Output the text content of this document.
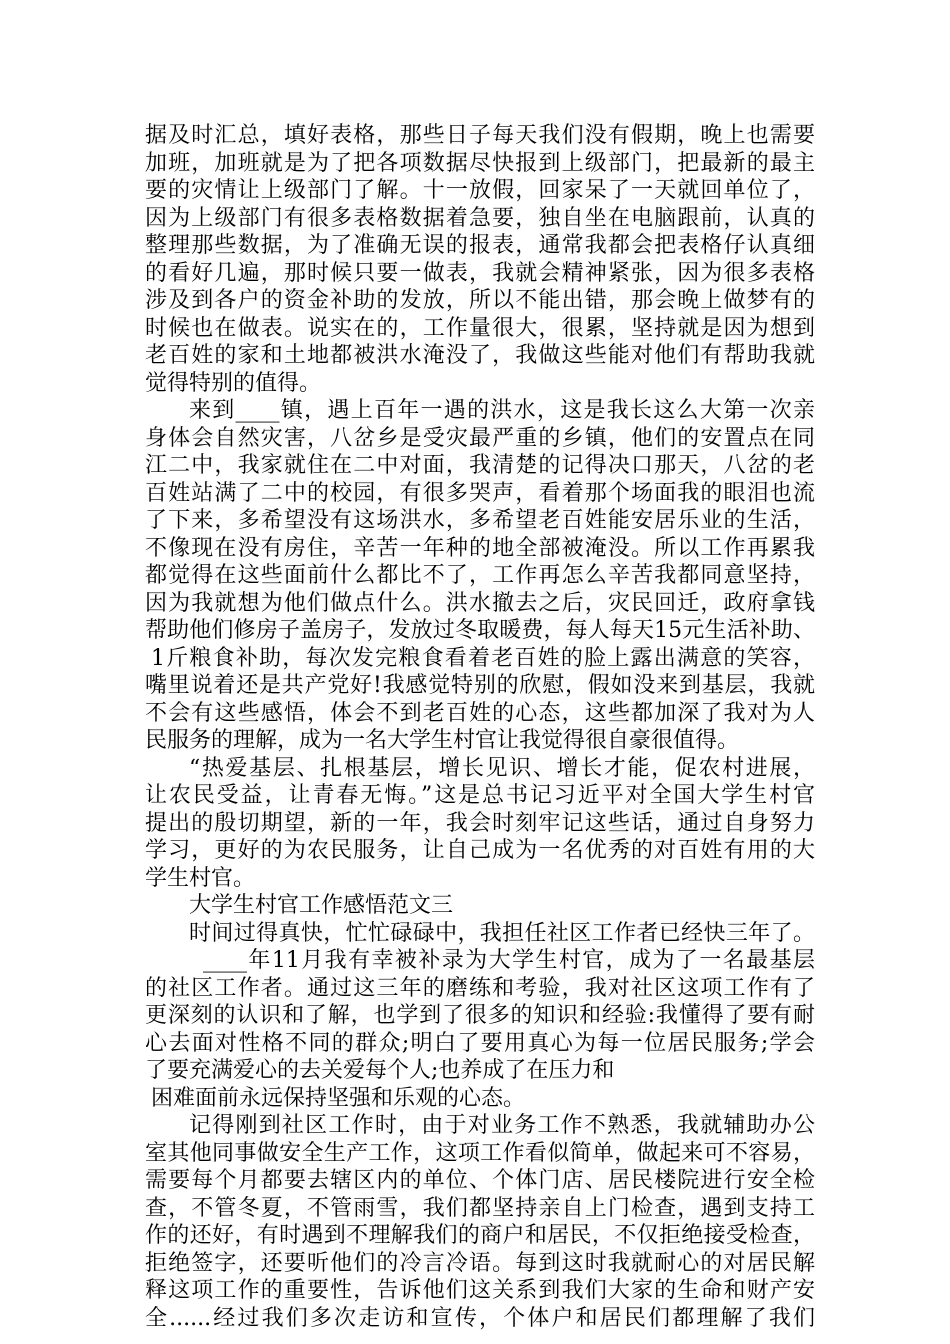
据及时汇总，填好表格，那些日子每天我们没有假期，晚上也需要
加班，加班就是为了把各项数据尽快报到上级部门，把最新的最主
要的灾情让上级部门了解。十一放假，回家呆了一天就回单位了，
因为上级部门有很多表格数据着急要，独自坐在电脑跟前，认真的
整理那些数据，为了准确无误的报表，通常我都会把表格仔认真细
的看好几遍，那时候只要一做表，我就会精神紧张，因为很多表格
涉及到各户的资金补助的发放，所以不能出错，那会晚上做梦有的
时候也在做表。说实在的，工作量很大，很累，坚持就是因为想到
老百姓的家和土地都被洪水淹没了，我做这些能对他们有帮助我就
觉得特别的值得。
来到____镇，遇上百年一遇的洪水，这是我长这么大第一次亲
身体会自然灾害，八岔乡是受灾最严重的乡镇，他们的安置点在同
江二中，我家就住在二中对面，我清楚的记得决口那天，八岔的老
百姓站满了二中的校园，有很多哭声，看着那个场面我的眼泪也流
了下来，多希望没有这场洪水，多希望老百姓能安居乐业的生活，
不像现在没有房住，辛苦一年种的地全部被淹没。所以工作再累我
都觉得在这些面前什么都比不了，工作再怎么辛苦我都同意坚持，
因为我就想为他们做点什么。洪水撤去之后，灾民回迁，政府拿钱
帮助他们修房子盖房子，发放过冬取暖费，每人每天15元生活补助、
1斤粮食补助，每次发完粮食看着老百姓的脸上露出满意的笑容，
嘴里说着还是共产党好!我感觉特别的欣慰，假如没来到基层，我就
不会有这些感悟，体会不到老百姓的心态，这些都加深了我对为人
民服务的理解，成为一名大学生村官让我觉得很自豪很值得。
“热爱基层、扎根基层，增长见识、增长才能，促农村进展，
让农民受益，让青春无悔。”这是总书记习近平对全国大学生村官
提出的殷切期望，新的一年，我会时刻牢记这些话，通过自身努力
学习，更好的为农民服务，让自己成为一名优秀的对百姓有用的大
学生村官。
大学生村官工作感悟范文三
时间过得真快，忙忙碌碌中，我担任社区工作者已经快三年了。
____年11月我有幸被补录为大学生村官，成为了一名最基层
的社区工作者。通过这三年的磨练和考验，我对社区这项工作有了
更深刻的认识和了解，也学到了很多的知识和经验:我懂得了要有耐
心去面对性格不同的群众;明白了要用真心为每一位居民服务;学会
了要充满爱心的去关爱每个人;也养成了在压力和
困难面前永远保持坚强和乐观的心态。
记得刚到社区工作时，由于对业务工作不熟悉，我就辅助办公
室其他同事做安全生产工作，这项工作看似简单，做起来可不容易，
需要每个月都要去辖区内的单位、个体门店、居民楼院进行安全检
查，不管冬夏，不管雨雪，我们都坚持亲自上门检查，遇到支持工
作的还好，有时遇到不理解我们的商户和居民，不仅拒绝接受检查，
拒绝签字，还要听他们的冷言冷语。每到这时我就耐心的对居民解
释这项工作的重要性，告诉他们这关系到我们大家的生命和财产安
全......经过我们多次走访和宣传，个体户和居民们都理解了我们
